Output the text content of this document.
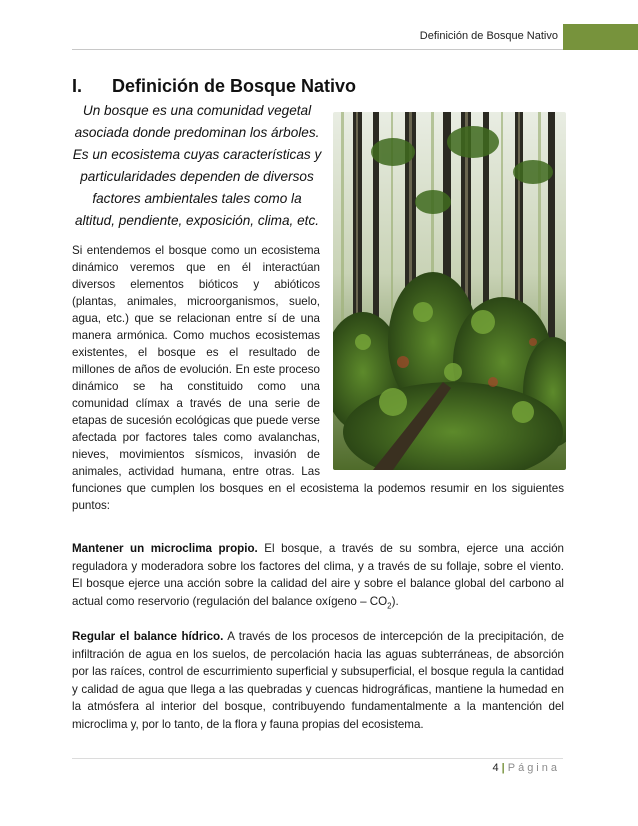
Definición de Bosque Nativo
I. Definición de Bosque Nativo
Un bosque es una comunidad vegetal
asociada donde predominan los árboles.
Es un ecosistema cuyas características y
particularidades dependen de diversos
factores ambientales tales como la
altitud, pendiente, exposición, clima, etc.
Si entendemos el bosque como un ecosistema
dinámico veremos que en él interactúan
diversos elementos bióticos y abióticos
(plantas, animales, microorganismos, suelo,
agua, etc.) que se relacionan entre sí de una
manera armónica. Como muchos ecosistemas
existentes, el bosque es el resultado de
millones de años de evolución. En este proceso
dinámico se ha constituido como una
comunidad clímax a través de una serie de
etapas de sucesión ecológicas que puede verse
afectada por factores tales como avalanchas,
nieves, movimientos sísmicos, invasión de
animales, actividad humana, entre otras. Las
funciones que cumplen los bosques en el ecosistema la podemos resumir en los siguientes
puntos:
Mantener un microclima propio. El bosque, a través de su sombra, ejerce una acción reguladora y moderadora sobre los factores del clima, y a través de su follaje, sobre el viento. El bosque ejerce una acción sobre la calidad del aire y sobre el balance global del carbono al actual como reservorio (regulación del balance oxígeno – $CO_2$).
Regular el balance hídrico. A través de los procesos de intercepción de la precipitación, de infiltración de agua en los suelos, de percolación hacia las aguas subterráneas, de absorción por las raíces, control de escurrimiento superficial y subsuperficial, el bosque regula la cantidad y calidad de agua que llega a las quebradas y cuencas hidrográficas, mantiene la humedad en la atmósfera al interior del bosque, contribuyendo fundamentalmente a la mantención del microclima y, por lo tanto, de la flora y fauna propias del ecosistema.
4 | Página
